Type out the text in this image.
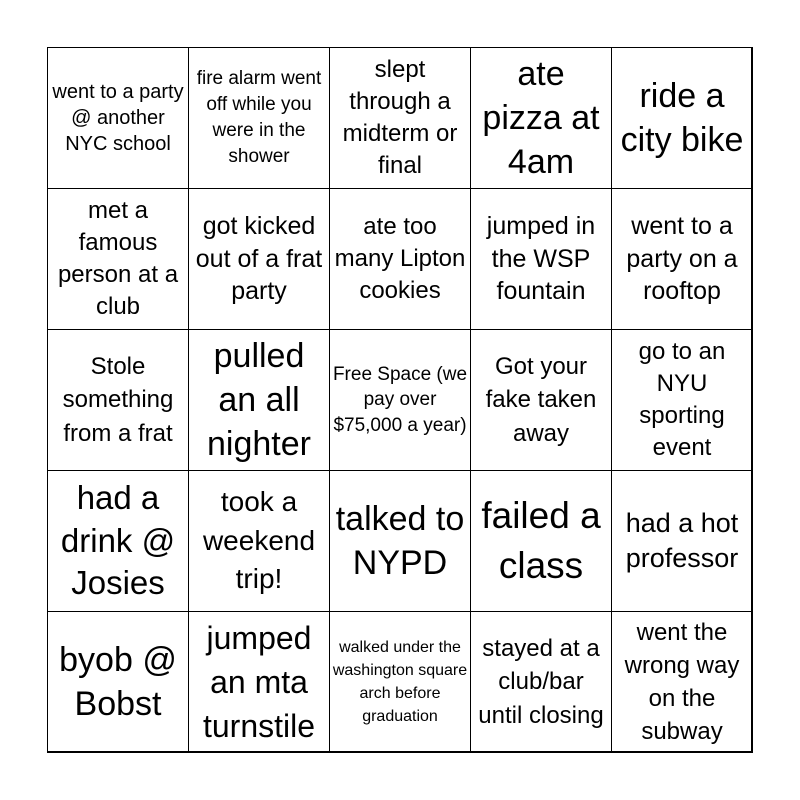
went to a party @ another NYC school
fire alarm went off while you were in the shower
slept through a midterm or final
ate pizza at 4am
ride a city bike
met a famous person at a club
got kicked out of a frat party
ate too many Lipton cookies
jumped in the WSP fountain
went to a party on a rooftop
Stole something from a frat
pulled an all nighter
Free Space (we pay over $75,000 a year)
Got your fake taken away
go to an NYU sporting event
had a drink @ Josies
took a weekend trip!
talked to NYPD
failed a class
had a hot professor
byob @ Bobst
jumped an mta turnstile
walked under the washington square arch before graduation
stayed at a club/bar until closing
went the wrong way on the subway
